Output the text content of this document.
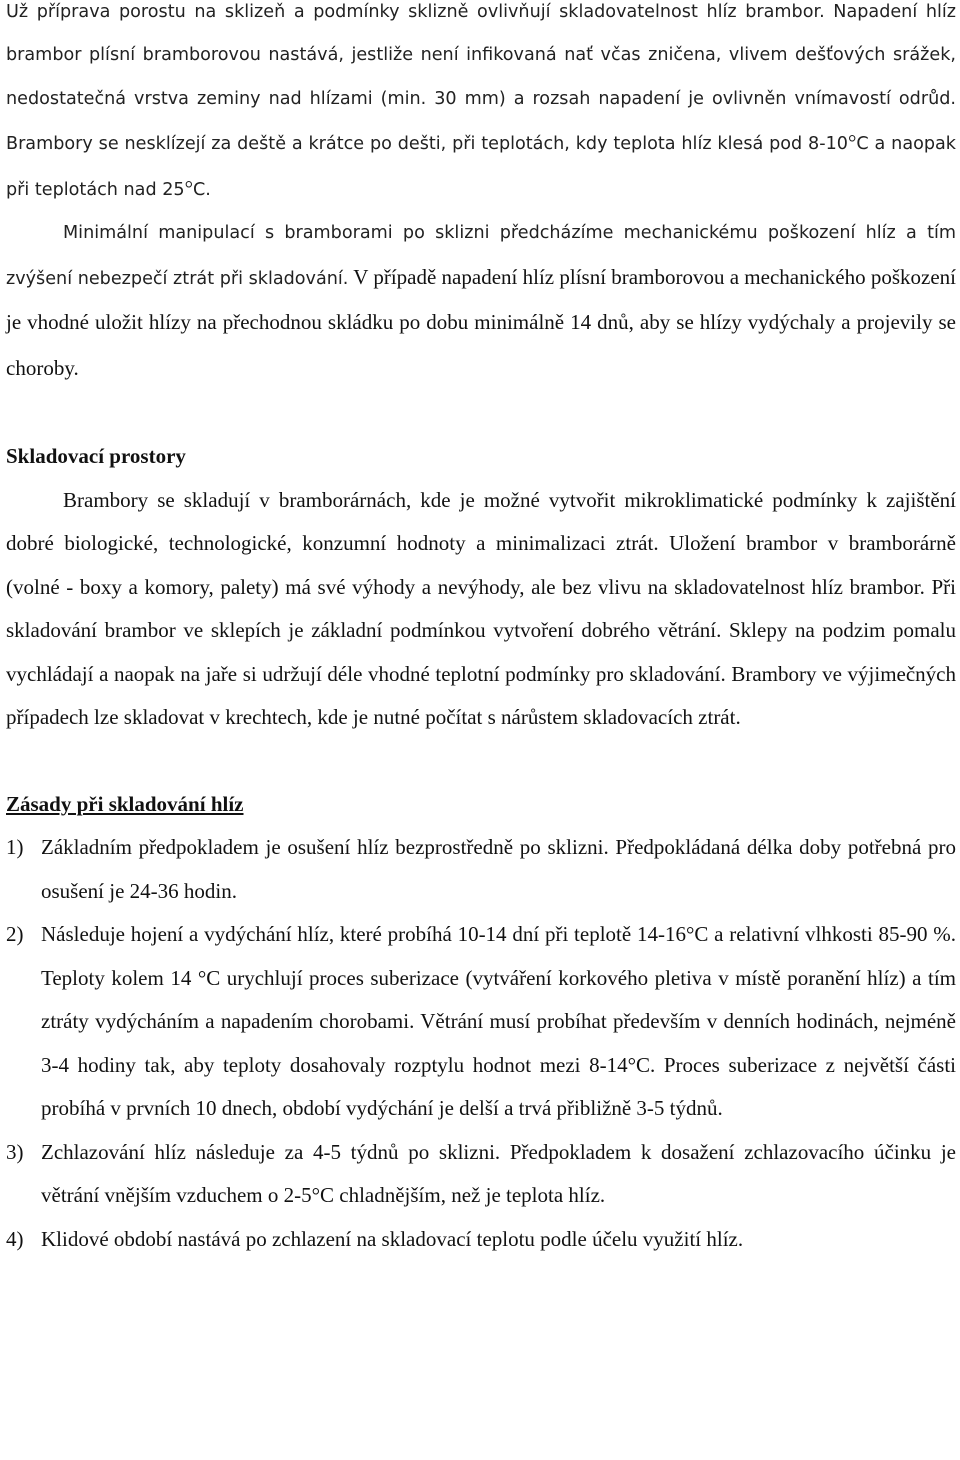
Už příprava porostu na sklizeň a podmínky sklizně ovlivňují skladovatelnost hlíz brambor. Napadení hlíz brambor plísní bramborovou nastává, jestliže není infikovaná nať včas zničena, vlivem dešťových srážek, nedostatečná vrstva zeminy nad hlízami (min. 30 mm) a rozsah napadení je ovlivněn vnímavostí odrůd. Brambory se nesklízejí za deště a krátce po dešti, při teplotách, kdy teplota hlíz klesá pod 8-10°C a naopak při teplotách nad 25°C.

Minimální manipulací s bramborami po sklizni předcházíme mechanickému poškození hlíz a tím zvýšení nebezpečí ztrát při skladování. V případě napadení hlíz plísní bramborovou a mechanického poškození je vhodné uložit hlízy na přechodnou skládku po dobu minimálně 14 dnů, aby se hlízy vydýchaly a projevily se choroby.

Skladovací prostory

Brambory se skladují v bramborárnách, kde je možné vytvořit mikroklimatické podmínky k zajištění dobré biologické, technologické, konzumní hodnoty a minimalizaci ztrát. Uložení brambor v bramborárně (volné - boxy a komory, palety) má své výhody a nevýhody, ale bez vlivu na skladovatelnost hlíz brambor. Při skladování brambor ve sklepích je základní podmínkou vytvoření dobrého větrání. Sklepy na podzim pomalu vychládají a naopak na jaře si udržují déle vhodné teplotní podmínky pro skladování. Brambory ve výjimečných případech lze skladovat v krechtech, kde je nutné počítat s nárůstem skladovacích ztrát.

Zásady při skladování hlíz
1) Základním předpokladem je osušení hlíz bezprostředně po sklizni. Předpokládaná délka doby potřebná pro osušení je 24-36 hodin.
2) Následuje hojení a vydýchání hlíz, které probíhá 10-14 dní při teplotě 14-16°C a relativní vlhkosti 85-90 %. Teploty kolem 14 °C urychlují proces suberizace (vytváření korkového pletiva v místě poranění hlíz) a tím ztráty vydýcháním a napadením chorobami. Větrání musí probíhat především v denních hodinách, nejméně 3-4 hodiny tak, aby teploty dosahovaly rozptylu hodnot mezi 8-14°C. Proces suberizace z největší části probíhá v prvních 10 dnech, období vydýchání je delší a trvá přibližně 3-5 týdnů.
3) Zchlazování hlíz následuje za 4-5 týdnů po sklizni. Předpokladem k dosažení zchlazovacího účinku je větrání vnějším vzduchem o 2-5°C chladnějším, než je teplota hlíz.
4) Klidové období nastává po zchlazení na skladovací teplotu podle účelu využití hlíz.
